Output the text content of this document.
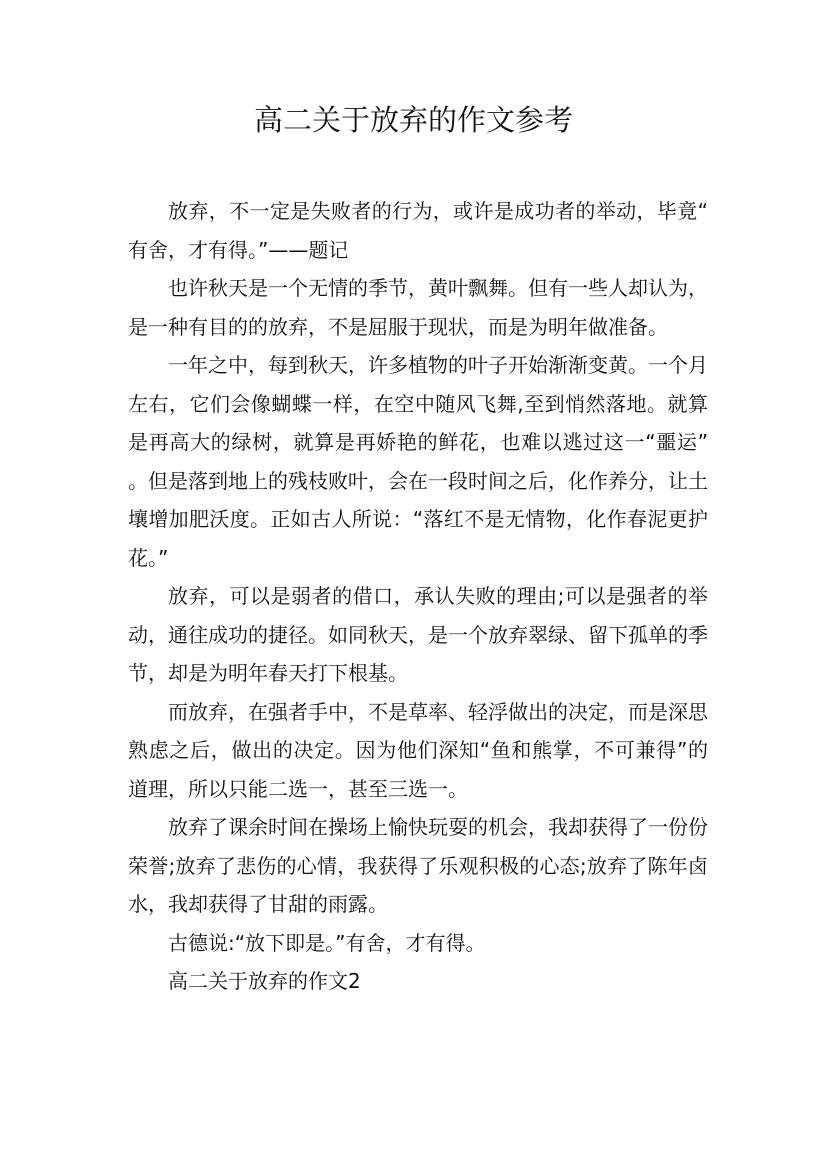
高二关于放弃的作文参考

放弃，不一定是失败者的行为，或许是成功者的举动，毕竟“有舍，才有得。”——题记

也许秋天是一个无情的季节，黄叶飘舞。但有一些人却认为，是一种有目的的放弃，不是屈服于现状，而是为明年做准备。

一年之中，每到秋天，许多植物的叶子开始渐渐变黄。一个月左右，它们会像蝴蝶一样，在空中随风飞舞,至到悄然落地。就算是再高大的绿树，就算是再娇艳的鲜花，也难以逃过这一“噩运”。但是落到地上的残枝败叶，会在一段时间之后，化作养分，让土壤增加肥沃度。正如古人所说：“落红不是无情物，化作春泥更护花。”

放弃，可以是弱者的借口，承认失败的理由;可以是强者的举动，通往成功的捷径。如同秋天，是一个放弃翠绿、留下孤单的季节，却是为明年春天打下根基。

而放弃，在强者手中，不是草率、轻浮做出的决定，而是深思熟虑之后，做出的决定。因为他们深知“鱼和熊掌，不可兼得”的道理，所以只能二选一，甚至三选一。

放弃了课余时间在操场上愉快玩耍的机会，我却获得了一份份荣誉;放弃了悲伤的心情，我获得了乐观积极的心态;放弃了陈年卤水，我却获得了甘甜的雨露。

古德说:“放下即是。”有舍，才有得。

高二关于放弃的作文2
